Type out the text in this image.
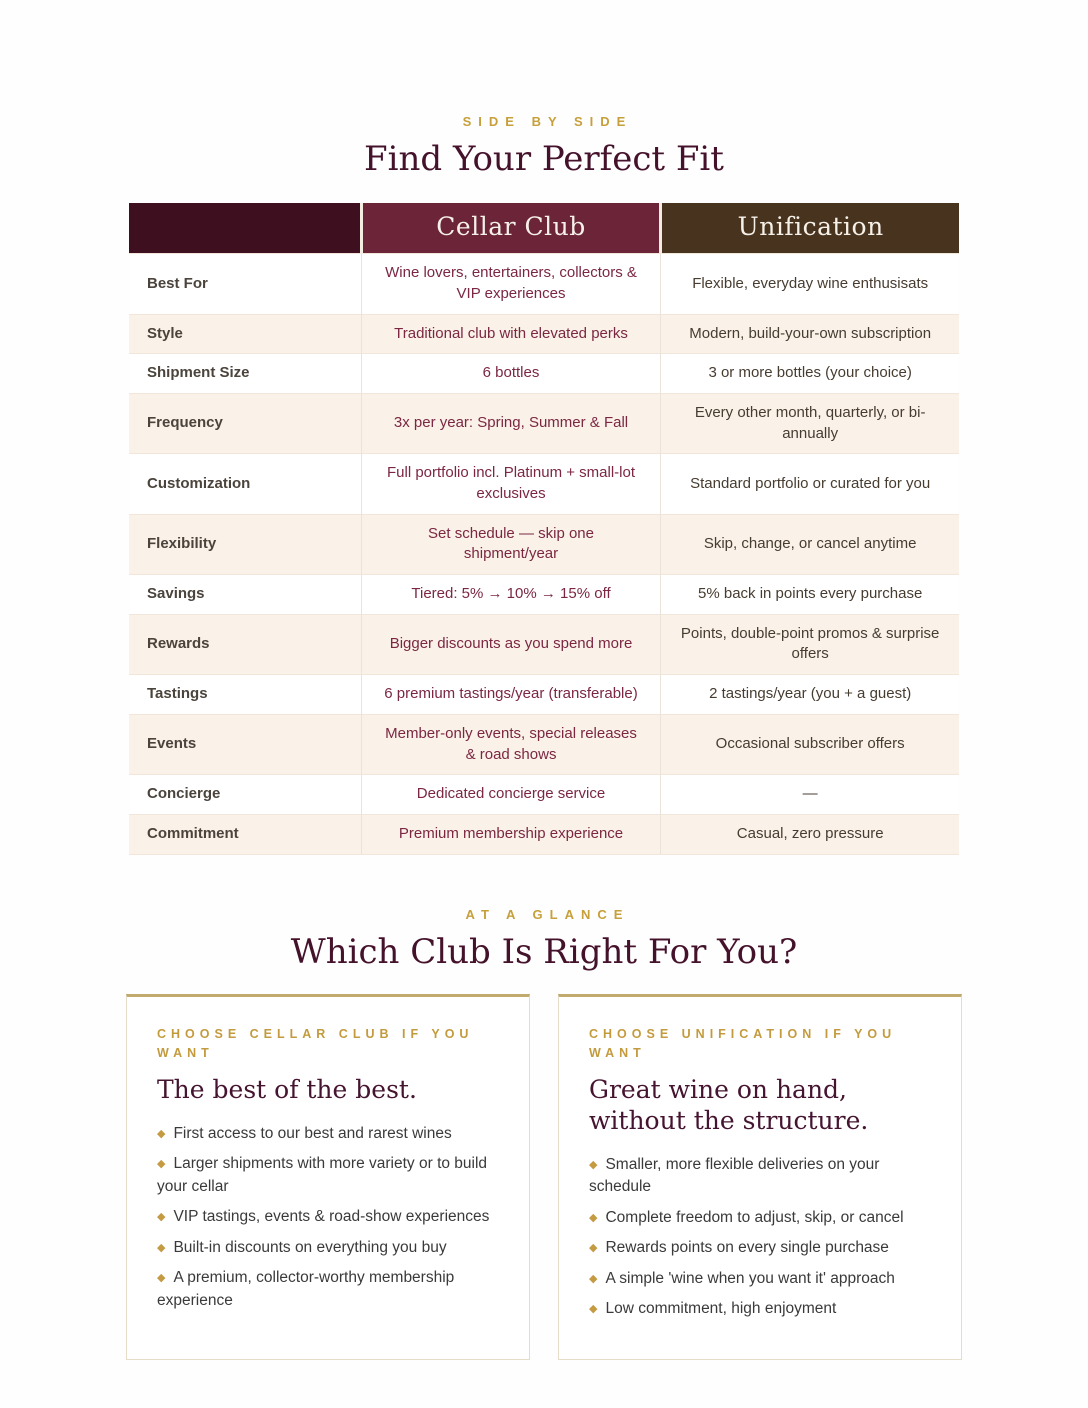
SIDE BY SIDE
Find Your Perfect Fit
	Cellar Club	Unification
Best For	Wine lovers, entertainers, collectors & VIP experiences	Flexible, everyday wine enthusisats
Style	Traditional club with elevated perks	Modern, build-your-own subscription
Shipment Size	6 bottles	3 or more bottles (your choice)
Frequency	3x per year: Spring, Summer & Fall	Every other month, quarterly, or bi-annually
Customization	Full portfolio incl. Platinum + small-lot exclusives	Standard portfolio or curated for you
Flexibility	Set schedule — skip one shipment/year	Skip, change, or cancel anytime
Savings	Tiered: 5% → 10% → 15% off	5% back in points every purchase
Rewards	Bigger discounts as you spend more	Points, double-point promos & surprise offers
Tastings	6 premium tastings/year (transferable)	2 tastings/year (you + a guest)
Events	Member-only events, special releases & road shows	Occasional subscriber offers
Concierge	Dedicated concierge service	—
Commitment	Premium membership experience	Casual, zero pressure
AT A GLANCE
Which Club Is Right For You?
CHOOSE CELLAR CLUB IF YOU WANT
The best of the best.

◆ First access to our best and rarest wines

◆ Larger shipments with more variety or to build your cellar

◆ VIP tastings, events & road-show experiences

◆ Built-in discounts on everything you buy

◆ A premium, collector-worthy membership experience

CHOOSE UNIFICATION IF YOU WANT
Great wine on hand, without the structure.

◆ Smaller, more flexible deliveries on your schedule

◆ Complete freedom to adjust, skip, or cancel

◆ Rewards points on every single purchase

◆ A simple 'wine when you want it' approach

◆ Low commitment, high enjoyment
